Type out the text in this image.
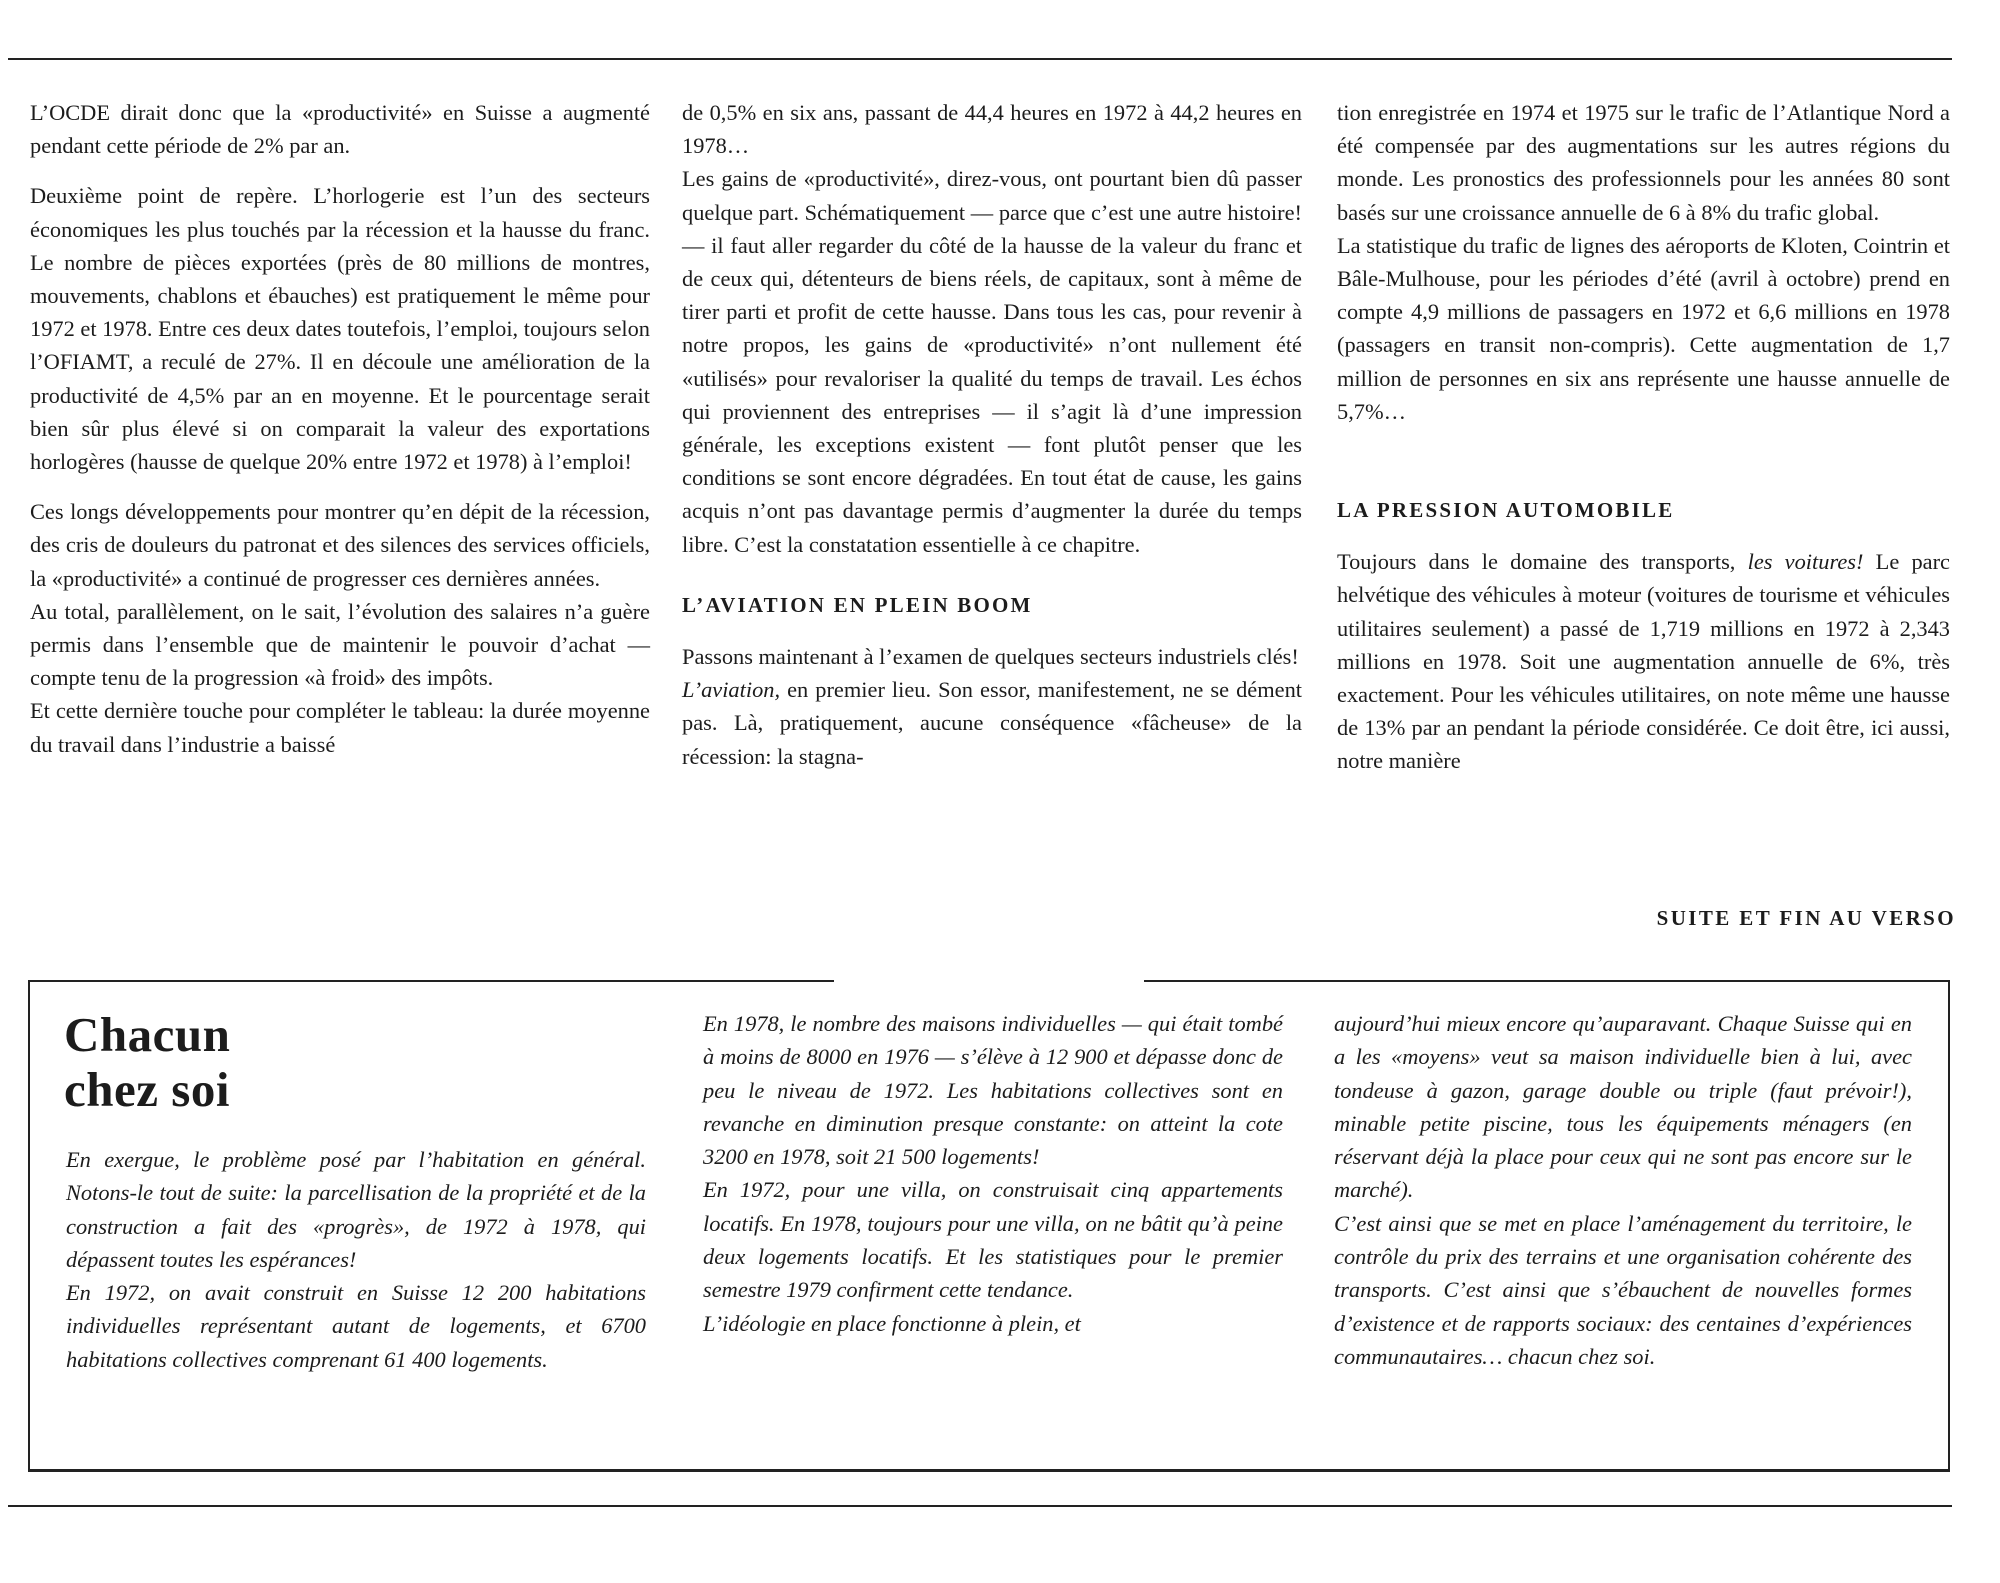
L’OCDE dirait donc que la «productivité» en Suisse a augmenté pendant cette période de 2% par an.

Deuxième point de repère. L’horlogerie est l’un des secteurs économiques les plus touchés par la récession et la hausse du franc. Le nombre de pièces exportées (près de 80 millions de montres, mouvements, chablons et ébauches) est pratiquement le même pour 1972 et 1978. Entre ces deux dates toutefois, l’emploi, toujours selon l’OFIAMT, a reculé de 27%. Il en découle une amélioration de la productivité de 4,5% par an en moyenne. Et le pourcentage serait bien sûr plus élevé si on comparait la valeur des exportations horlogères (hausse de quelque 20% entre 1972 et 1978) à l’emploi!

Ces longs développements pour montrer qu’en dépit de la récession, des cris de douleurs du patronat et des silences des services officiels, la «productivité» a continué de progresser ces dernières années.

Au total, parallèlement, on le sait, l’évolution des salaires n’a guère permis dans l’ensemble que de maintenir le pouvoir d’achat — compte tenu de la progression «à froid» des impôts.

Et cette dernière touche pour compléter le tableau: la durée moyenne du travail dans l’industrie a baissé

de 0,5% en six ans, passant de 44,4 heures en 1972 à 44,2 heures en 1978…

Les gains de «productivité», direz-vous, ont pourtant bien dû passer quelque part. Schématiquement — parce que c’est une autre histoire! — il faut aller regarder du côté de la hausse de la valeur du franc et de ceux qui, détenteurs de biens réels, de capitaux, sont à même de tirer parti et profit de cette hausse. Dans tous les cas, pour revenir à notre propos, les gains de «productivité» n’ont nullement été «utilisés» pour revaloriser la qualité du temps de travail. Les échos qui proviennent des entreprises — il s’agit là d’une impression générale, les exceptions existent — font plutôt penser que les conditions se sont encore dégradées. En tout état de cause, les gains acquis n’ont pas davantage permis d’augmenter la durée du temps libre. C’est la constatation essentielle à ce chapitre.

L’AVIATION EN PLEIN BOOM

Passons maintenant à l’examen de quelques secteurs industriels clés!

L’aviation, en premier lieu. Son essor, manifestement, ne se dément pas. Là, pratiquement, aucune conséquence «fâcheuse» de la récession: la stagna-

tion enregistrée en 1974 et 1975 sur le trafic de l’Atlantique Nord a été compensée par des augmentations sur les autres régions du monde. Les pronostics des professionnels pour les années 80 sont basés sur une croissance annuelle de 6 à 8% du trafic global.

La statistique du trafic de lignes des aéroports de Kloten, Cointrin et Bâle-Mulhouse, pour les périodes d’été (avril à octobre) prend en compte 4,9 millions de passagers en 1972 et 6,6 millions en 1978 (passagers en transit non-compris). Cette augmentation de 1,7 million de personnes en six ans représente une hausse annuelle de 5,7%…

LA PRESSION AUTOMOBILE

Toujours dans le domaine des transports, les voitures! Le parc helvétique des véhicules à moteur (voitures de tourisme et véhicules utilitaires seulement) a passé de 1,719 millions en 1972 à 2,343 millions en 1978. Soit une augmentation annuelle de 6%, très exactement. Pour les véhicules utilitaires, on note même une hausse de 13% par an pendant la période considérée. Ce doit être, ici aussi, notre manière

SUITE ET FIN AU VERSO
Chacun
chez soi

En exergue, le problème posé par l’habitation en général. Notons-le tout de suite: la parcellisation de la propriété et de la construction a fait des «progrès», de 1972 à 1978, qui dépassent toutes les espérances!

En 1972, on avait construit en Suisse 12 200 habitations individuelles représentant autant de logements, et 6700 habitations collectives comprenant 61 400 logements.

En 1978, le nombre des maisons individuelles — qui était tombé à moins de 8000 en 1976 — s’élève à 12 900 et dépasse donc de peu le niveau de 1972. Les habitations collectives sont en revanche en diminution presque constante: on atteint la cote 3200 en 1978, soit 21 500 logements!

En 1972, pour une villa, on construisait cinq appartements locatifs. En 1978, toujours pour une villa, on ne bâtit qu’à peine deux logements locatifs. Et les statistiques pour le premier semestre 1979 confirment cette tendance.

L’idéologie en place fonctionne à plein, et

aujourd’hui mieux encore qu’auparavant. Chaque Suisse qui en a les «moyens» veut sa maison individuelle bien à lui, avec tondeuse à gazon, garage double ou triple (faut prévoir!), minable petite piscine, tous les équipements ménagers (en réservant déjà la place pour ceux qui ne sont pas encore sur le marché).

C’est ainsi que se met en place l’aménagement du territoire, le contrôle du prix des terrains et une organisation cohérente des transports. C’est ainsi que s’ébauchent de nouvelles formes d’existence et de rapports sociaux: des centaines d’expériences communautaires… chacun chez soi.
